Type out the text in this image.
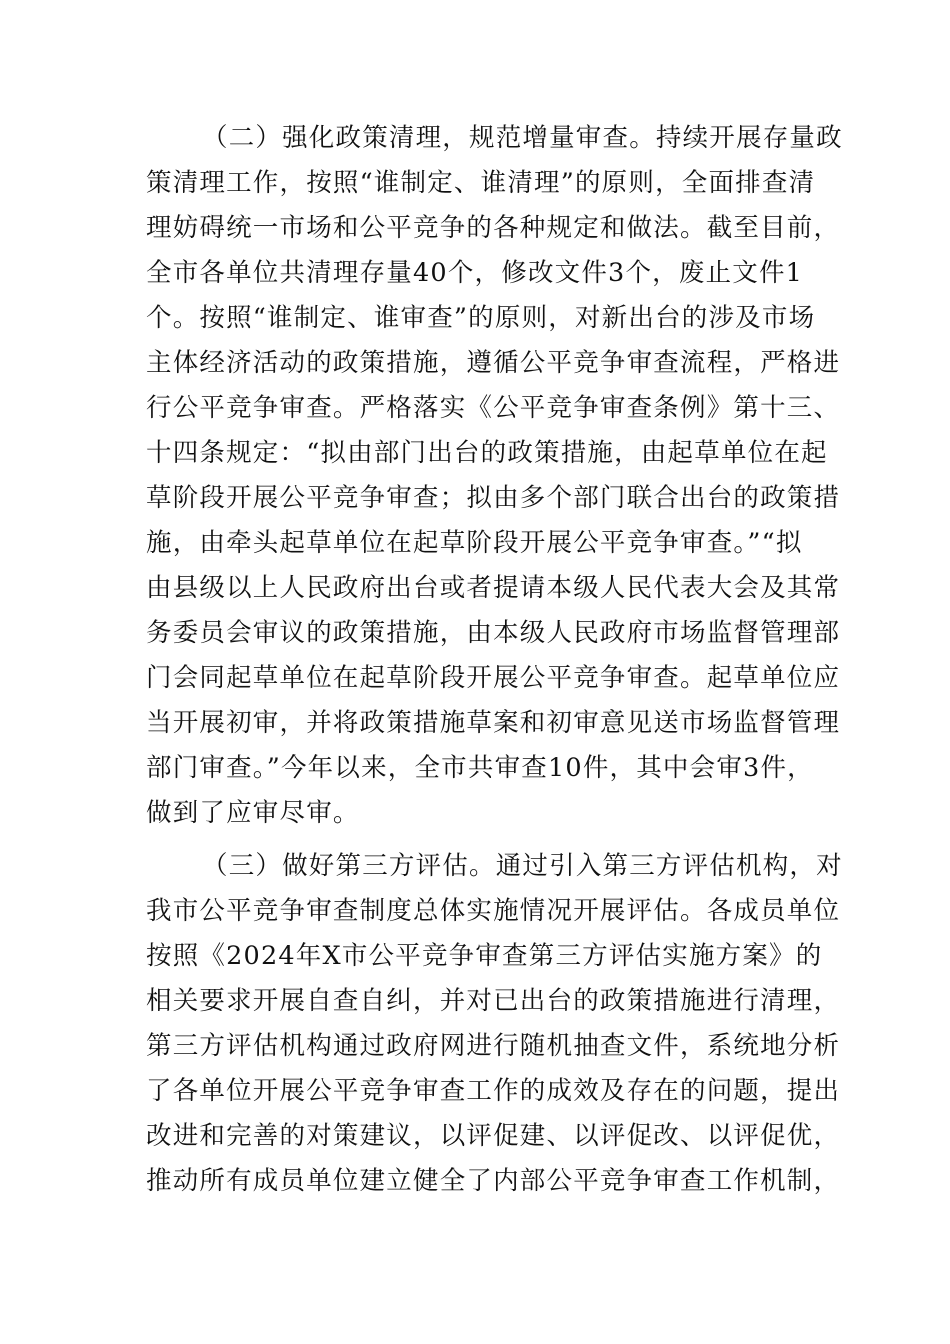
（二）强化政策清理，规范增量审查。持续开展存量政
策清理工作，按照“谁制定、谁清理”的原则，全面排查清
理妨碍统一市场和公平竞争的各种规定和做法。截至目前，
全市各单位共清理存量40个，修改文件3个，废止文件1
个。按照“谁制定、谁审查”的原则，对新出台的涉及市场
主体经济活动的政策措施，遵循公平竞争审查流程，严格进
行公平竞争审查。严格落实《公平竞争审查条例》第十三、
十四条规定：“拟由部门出台的政策措施，由起草单位在起
草阶段开展公平竞争审查；拟由多个部门联合出台的政策措
施，由牵头起草单位在起草阶段开展公平竞争审查。”“拟
由县级以上人民政府出台或者提请本级人民代表大会及其常
务委员会审议的政策措施，由本级人民政府市场监督管理部
门会同起草单位在起草阶段开展公平竞争审查。起草单位应
当开展初审，并将政策措施草案和初审意见送市场监督管理
部门审查。”今年以来，全市共审查10件，其中会审3件，
做到了应审尽审。
（三）做好第三方评估。通过引入第三方评估机构，对
我市公平竞争审查制度总体实施情况开展评估。各成员单位
按照《2024年X市公平竞争审查第三方评估实施方案》的
相关要求开展自查自纠，并对已出台的政策措施进行清理，
第三方评估机构通过政府网进行随机抽查文件，系统地分析
了各单位开展公平竞争审查工作的成效及存在的问题，提出
改进和完善的对策建议，以评促建、以评促改、以评促优，
推动所有成员单位建立健全了内部公平竞争审查工作机制，
